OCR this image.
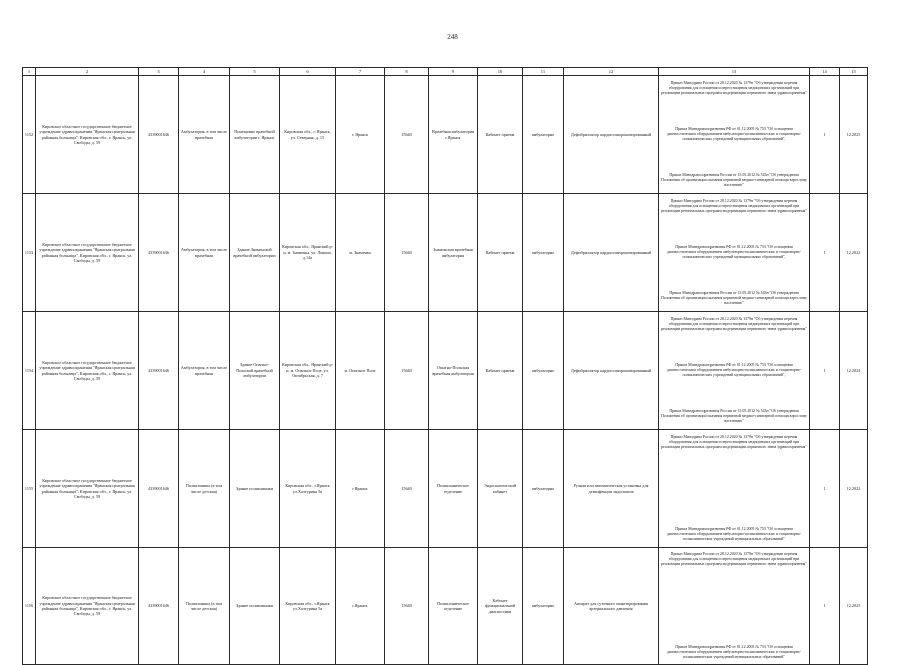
248
1	2	3	4	5	6	7	8	9	10	11	12	13	14	15
1152	Кировское областное государственное бюджетное учреждение здравоохранения "Яранская центральная районная больница", Кировская обл., г. Яранск, ул. Свободы, д. 59	4339001646	Амбулатория, в том числе врачебная	Помещение врачебной амбулатории г. Яранск	Кировская обл., г. Яранск, ул. Северная, д. 15	г. Яранск	15640	Врачебная амбулатория г.Яранск	Кабинет приема	амбулаторно	Дефибриллятор кардиосинхронизированный	Приказ Минздрава России от 28.12.2020 № 1379н "Об утверждении перечня оборудования для оснащения и переоснащения медицинских организаций при реализации региональных программ модернизации первичного звена здравоохранения"
Приказ Минздравсоцразвития РФ от 01.12.2005 № 753 "Об оснащении диагностическим оборудованием амбулаторно-поликлинических и стационарно-поликлинических учреждений муниципальных образований",
Приказ Минздравсоцразвития России от 15.05.2012 № 543н "Об утверждении Положения об организации оказания первичной медико-санитарной помощи взрослому населению"	1	12.2025
1153	Кировское областное государственное бюджетное учреждение здравоохранения "Яранская центральная районная больница", Кировская обл., г. Яранск, ул. Свободы, д. 59	4339001646	Амбулатория, в том числе врачебная	Здание Знаменской врачебной амбулатории	Кировская обл., Яранский р-н, м. Знаменка, ул. Ленина, д.14а	м. Знаменка	15640	Знаменская врачебная амбулатория	Кабинет приема	амбулаторно	Дефибриллятор кардиосинхронизированный	Приказ Минздрава России от 28.12.2020 № 1379н "Об утверждении перечня оборудования для оснащения и переоснащения медицинских организаций при реализации региональных программ модернизации первичного звена здравоохранения"
Приказ Минздравсоцразвития РФ от 01.12.2005 № 753 "Об оснащении диагностическим оборудованием амбулаторно-поликлинических и стационарно-поликлинических учреждений муниципальных образований",
Приказ Минздравсоцразвития России от 15.05.2012 № 543н "Об утверждении Положения об организации оказания первичной медико-санитарной помощи взрослому населению"	1	12.2022
1154	Кировское областное государственное бюджетное учреждение здравоохранения "Яранская центральная районная больница", Кировская обл., г. Яранск, ул. Свободы, д. 59	4339001646	Амбулатория, в том числе врачебная	Здание Опытно-Польской врачебной амбулатории	Кировская обл., Яранский р-н, м. Опытное Поле, ул. Октябрьская, д. 7	м. Опытное Поле	15640	Опытно-Польская врачебная амбулатория	Кабинет приема	амбулаторно	Дефибриллятор кардиосинхронизированный	Приказ Минздрава России от 28.12.2020 № 1379н "Об утверждении перечня оборудования для оснащения и переоснащения медицинских организаций при реализации региональных программ модернизации первичного звена здравоохранения"
Приказ Минздравсоцразвития РФ от 01.12.2005 № 753 "Об оснащении диагностическим оборудованием амбулаторно-поликлинических и стационарно-поликлинических учреждений муниципальных образований",
Приказ Минздравсоцразвития России от 15.05.2012 № 543н "Об утверждении Положения об организации оказания первичной медико-санитарной помощи взрослому населению"	1	12.2024
1155	Кировское областное государственное бюджетное учреждение здравоохранения "Яранская центральная районная больница", Кировская обл., г. Яранск, ул. Свободы, д. 59	4339001646	Поликлиника (в том числе детская)	Здание поликлиники	Кировская обл., г.Яранск ул.Халтурина 5а	г.Яранск	15640	Поликлиническое отделение	Эндоскопический кабинет	амбулаторно	Ручная или автоматическая установка для дезинфекции эндоскопов	Приказ Минздрава России от 28.12.2020 № 1379н "Об утверждении перечня оборудования для оснащения и переоснащения медицинских организаций при реализации региональных программ модернизации первичного звена здравоохранения"
Приказ Минздравсоцразвития РФ от 01.12.2005 № 753 "Об оснащении диагностическим оборудованием амбулаторно-поликлинических и стационарно-поликлинических учреждений муниципальных образований"	1	12.2022
1156	Кировское областное государственное бюджетное учреждение здравоохранения "Яранская центральная районная больница", Кировская обл., г. Яранск, ул. Свободы, д. 59	4339001646	Поликлиника (в том числе детская)	Здание поликлиники	Кировская обл., г.Яранск ул.Халтурина 5а	г.Яранск	15640	Поликлиническое отделение	Кабинет функциональной диагностики	амбулаторно	Аппарат для суточного мониторирования артериального давления	Приказ Минздрава России от 28.12.2020 № 1379н "Об утверждении перечня оборудования для оснащения и переоснащения медицинских организаций при реализации региональных программ модернизации первичного звена здравоохранения"
Приказ Минздравсоцразвития РФ от 01.12.2005 № 753 "Об оснащении диагностическим оборудованием амбулаторно-поликлинических и стационарно-поликлинических учреждений муниципальных образований"	1	12.2025
